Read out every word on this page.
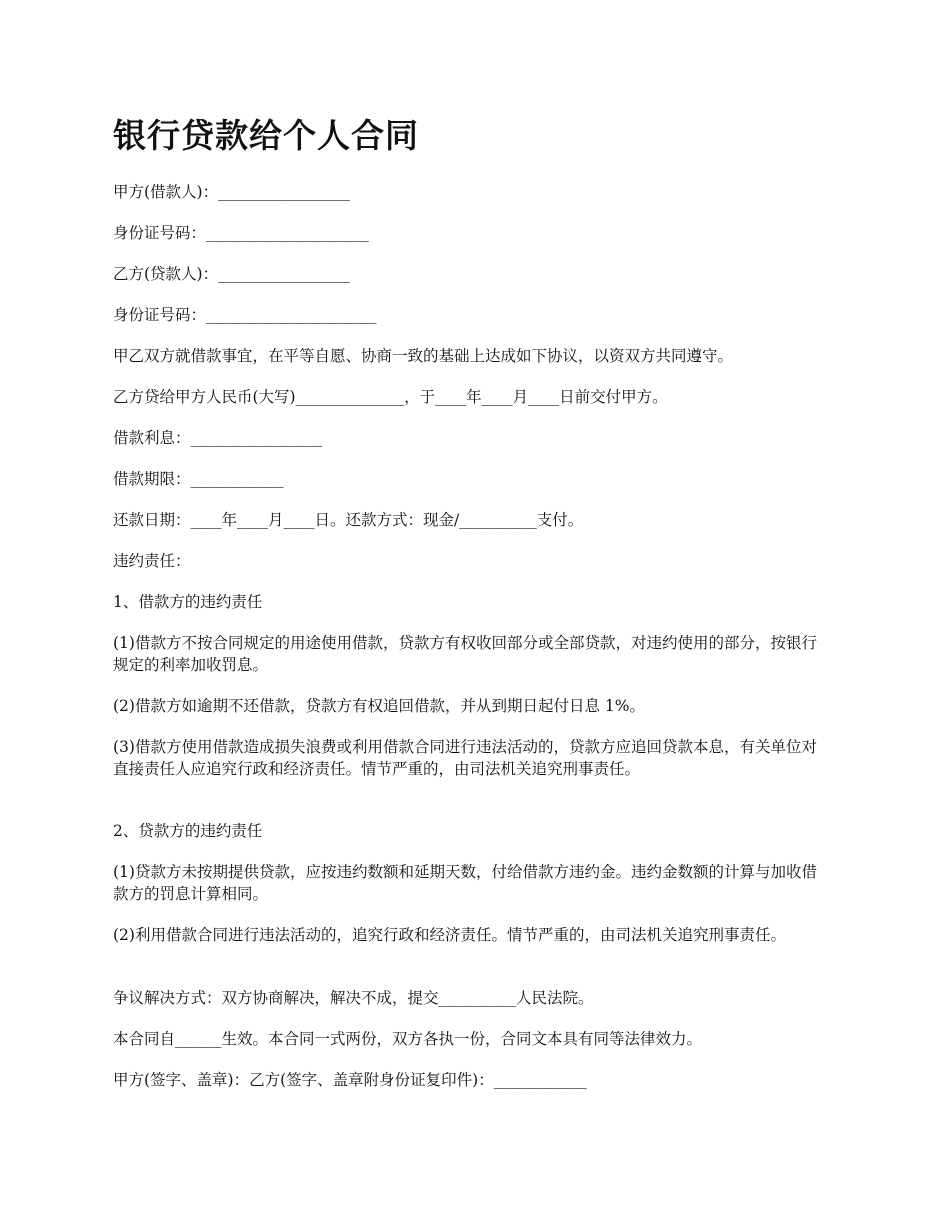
银行贷款给个人合同

甲方(借款人)：_________________

身份证号码：_____________________

乙方(贷款人)：_________________

身份证号码：______________________

甲乙双方就借款事宜，在平等自愿、协商一致的基础上达成如下协议，以资双方共同遵守。

乙方贷给甲方人民币(大写)______________，于____年____月____日前交付甲方。

借款利息：_________________

借款期限：____________

还款日期：____年____月____日。还款方式：现金/__________支付。

违约责任：

1、借款方的违约责任

(1)借款方不按合同规定的用途使用借款，贷款方有权收回部分或全部贷款，对违约使用的部分，按银行规定的利率加收罚息。

(2)借款方如逾期不还借款，贷款方有权追回借款，并从到期日起付日息 1%。

(3)借款方使用借款造成损失浪费或利用借款合同进行违法活动的，贷款方应追回贷款本息，有关单位对直接责任人应追究行政和经济责任。情节严重的，由司法机关追究刑事责任。

2、贷款方的违约责任

(1)贷款方未按期提供贷款，应按违约数额和延期天数，付给借款方违约金。违约金数额的计算与加收借款方的罚息计算相同。

(2)利用借款合同进行违法活动的，追究行政和经济责任。情节严重的，由司法机关追究刑事责任。

争议解决方式：双方协商解决，解决不成，提交__________人民法院。

本合同自______生效。本合同一式两份，双方各执一份，合同文本具有同等法律效力。

甲方(签字、盖章)：乙方(签字、盖章附身份证复印件)：____________
